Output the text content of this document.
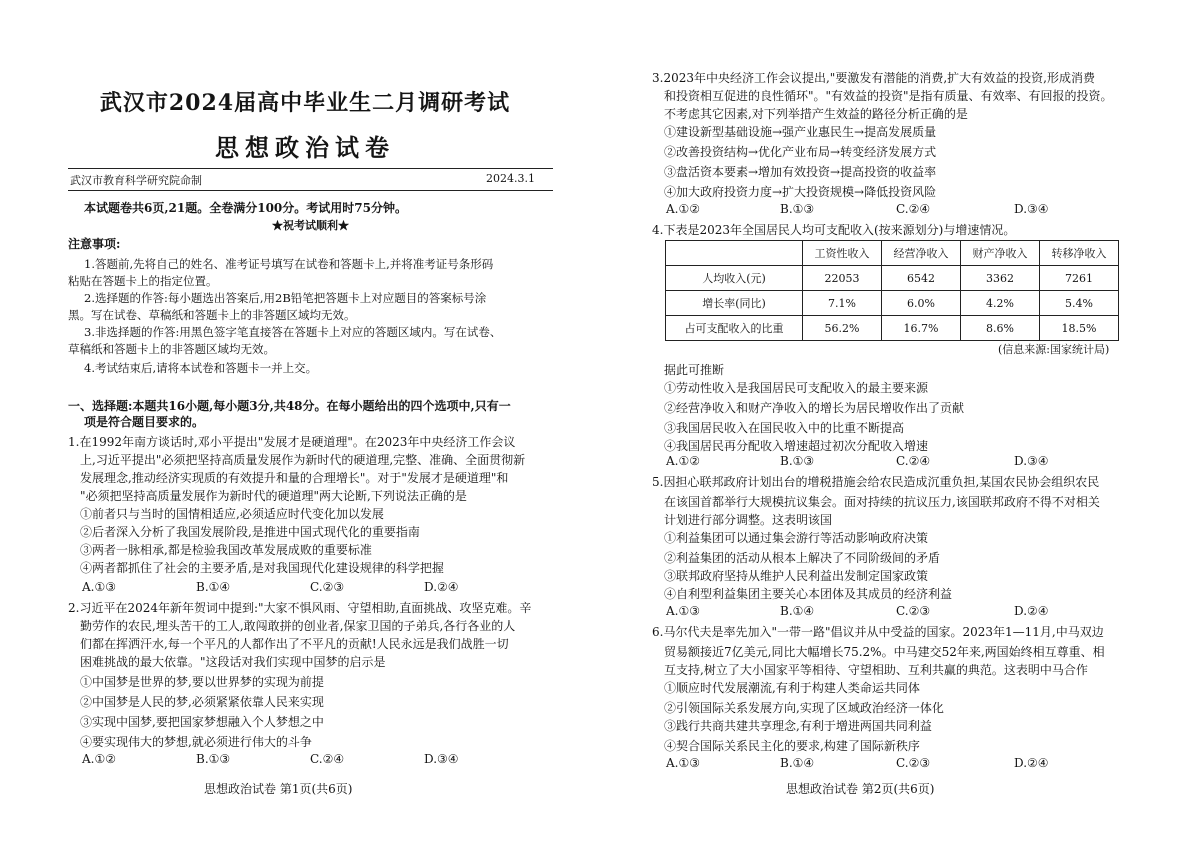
武汉市2024届高中毕业生二月调研考试
思想政治试卷
武汉市教育科学研究院命制	2024.3.1
本试题卷共6页,21题。全卷满分100分。考试用时75分钟。
★祝考试顺利★
注意事项:
1.答题前,先将自己的姓名、准考证号填写在试卷和答题卡上,并将准考证号条形码
粘贴在答题卡上的指定位置。
2.选择题的作答:每小题选出答案后,用2B铅笔把答题卡上对应题目的答案标号涂
黑。写在试卷、草稿纸和答题卡上的非答题区域均无效。
3.非选择题的作答:用黑色签字笔直接答在答题卡上对应的答题区域内。写在试卷、
草稿纸和答题卡上的非答题区域均无效。
4.考试结束后,请将本试卷和答题卡一并上交。
一、选择题:本题共16小题,每小题3分,共48分。在每小题给出的四个选项中,只有一
项是符合题目要求的。
1.在1992年南方谈话时,邓小平提出"发展才是硬道理"。在2023年中央经济工作会议
上,习近平提出"必须把坚持高质量发展作为新时代的硬道理,完整、准确、全面贯彻新
发展理念,推动经济实现质的有效提升和量的合理增长"。对于"发展才是硬道理"和
"必须把坚持高质量发展作为新时代的硬道理"两大论断,下列说法正确的是
①前者只与当时的国情相适应,必须适应时代变化加以发展
②后者深入分析了我国发展阶段,是推进中国式现代化的重要指南
③两者一脉相承,都是检验我国改革发展成败的重要标准
④两者都抓住了社会的主要矛盾,是对我国现代化建设规律的科学把握
A.①③	B.①④	C.②③	D.②④
2.习近平在2024年新年贺词中提到:"大家不惧风雨、守望相助,直面挑战、攻坚克难。辛
勤劳作的农民,埋头苦干的工人,敢闯敢拼的创业者,保家卫国的子弟兵,各行各业的人
们都在挥洒汗水,每一个平凡的人都作出了不平凡的贡献!人民永远是我们战胜一切
困难挑战的最大依靠。"这段话对我们实现中国梦的启示是
①中国梦是世界的梦,要以世界梦的实现为前提
②中国梦是人民的梦,必须紧紧依靠人民来实现
③实现中国梦,要把国家梦想融入个人梦想之中
④要实现伟大的梦想,就必须进行伟大的斗争
A.①②	B.①③	C.②④	D.③④
思想政治试卷 第1页(共6页)
3.2023年中央经济工作会议提出,"要激发有潜能的消费,扩大有效益的投资,形成消费
和投资相互促进的良性循环"。"有效益的投资"是指有质量、有效率、有回报的投资。
不考虑其它因素,对下列举措产生效益的路径分析正确的是
①建设新型基础设施→强产业惠民生→提高发展质量
②改善投资结构→优化产业布局→转变经济发展方式
③盘活资本要素→增加有效投资→提高投资的收益率
④加大政府投资力度→扩大投资规模→降低投资风险
A.①②	B.①③	C.②④	D.③④
4.下表是2023年全国居民人均可支配收入(按来源划分)与增速情况。
(信息来源:国家统计局)
据此可推断
①劳动性收入是我国居民可支配收入的最主要来源
②经营净收入和财产净收入的增长为居民增收作出了贡献
③我国居民收入在国民收入中的比重不断提高
④我国居民再分配收入增速超过初次分配收入增速
A.①②	B.①③	C.②④	D.③④
5.因担心联邦政府计划出台的增税措施会给农民造成沉重负担,某国农民协会组织农民
在该国首都举行大规模抗议集会。面对持续的抗议压力,该国联邦政府不得不对相关
计划进行部分调整。这表明该国
①利益集团可以通过集会游行等活动影响政府决策
②利益集团的活动从根本上解决了不同阶级间的矛盾
③联邦政府坚持从维护人民利益出发制定国家政策
④自利型利益集团主要关心本团体及其成员的经济利益
A.①③	B.①④	C.②③	D.②④
6.马尔代夫是率先加入"一带一路"倡议并从中受益的国家。2023年1—11月,中马双边
贸易额接近7亿美元,同比大幅增长75.2%。中马建交52年来,两国始终相互尊重、相
互支持,树立了大小国家平等相待、守望相助、互利共赢的典范。这表明中马合作
①顺应时代发展潮流,有利于构建人类命运共同体
②引领国际关系发展方向,实现了区域政治经济一体化
③践行共商共建共享理念,有利于增进两国共同利益
④契合国际关系民主化的要求,构建了国际新秩序
A.①③	B.①④	C.②③	D.②④
思想政治试卷 第2页(共6页)
	工资性收入	经营净收入	财产净收入	转移净收入
人均收入(元)	22053	6542	3362	7261
增长率(同比)	7.1%	6.0%	4.2%	5.4%
占可支配收入的比重	56.2%	16.7%	8.6%	18.5%
